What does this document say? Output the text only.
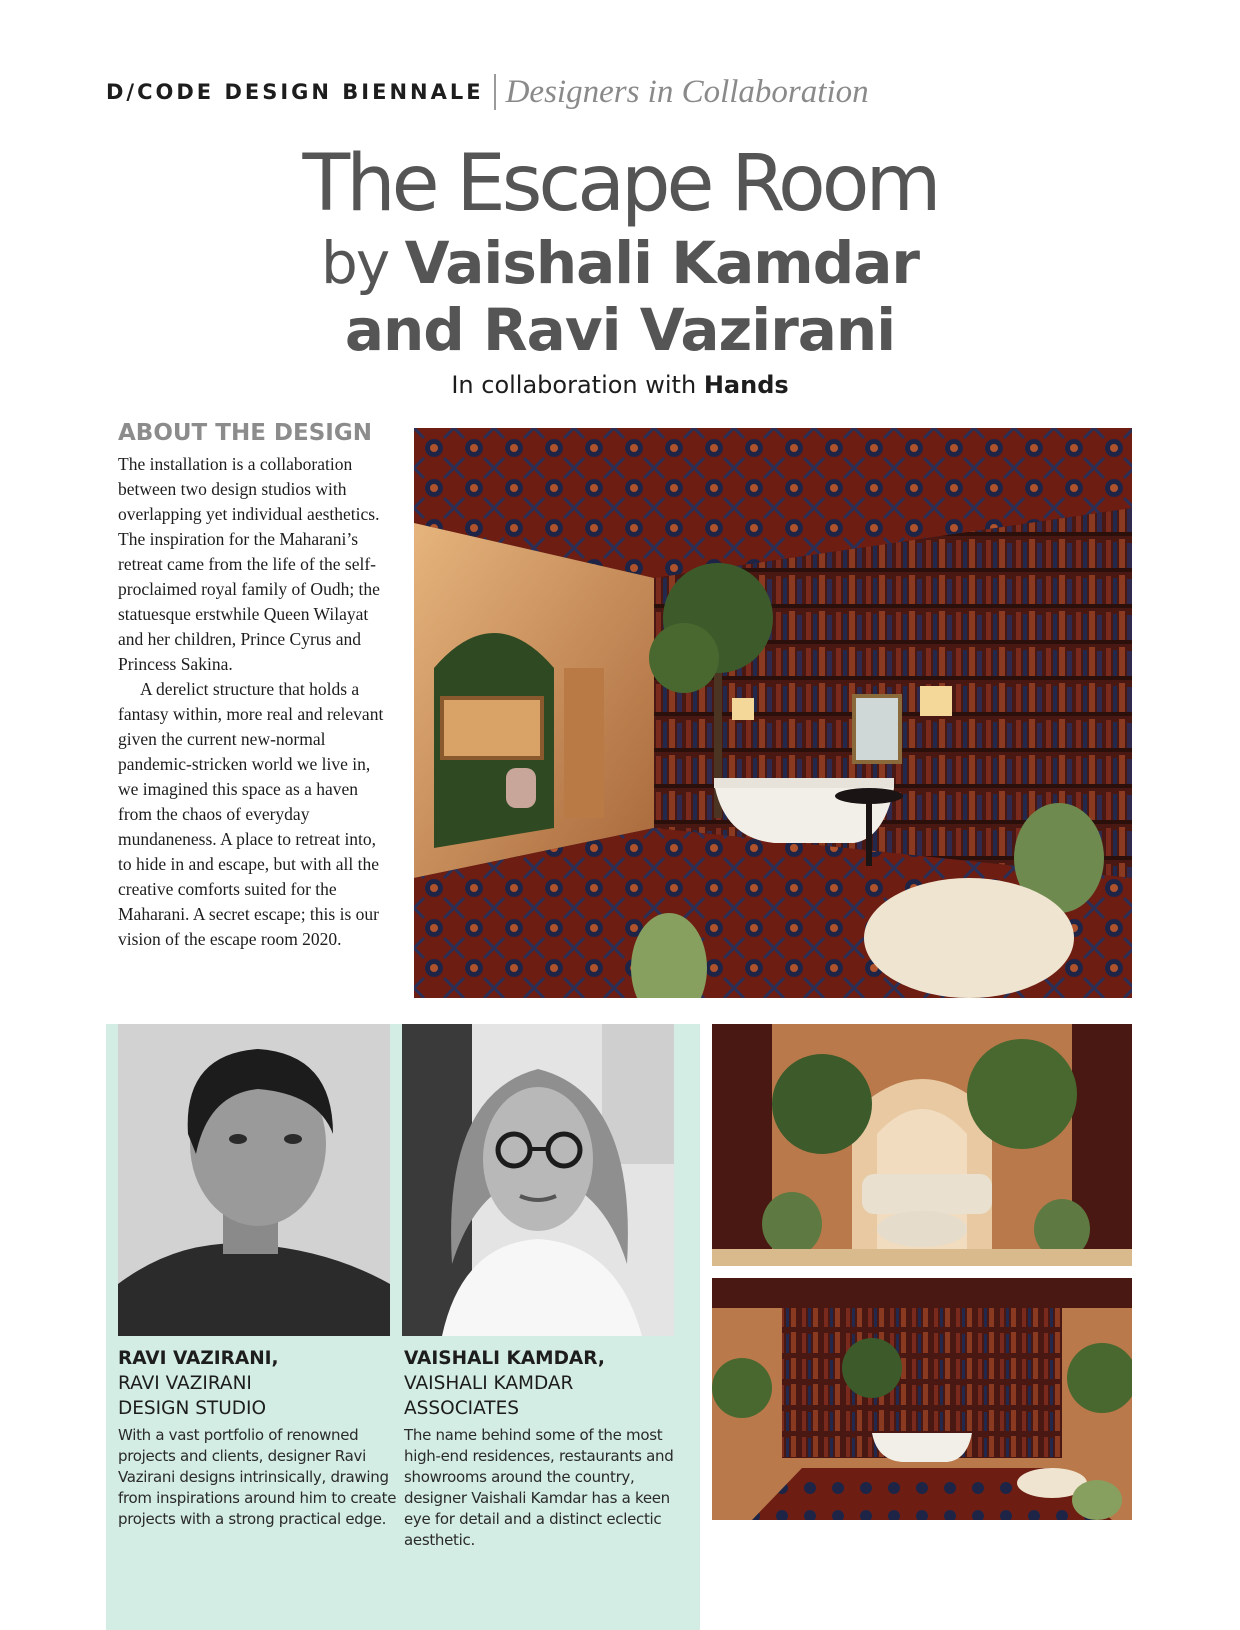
D/CODE DESIGN BIENNALE Designers in Collaboration
The Escape Room
by Vaishali Kamdar
and Ravi Vazirani
In collaboration with Hands
ABOUT THE DESIGN

The installation is a collaboration between two design studios with overlapping yet individual aesthetics. The inspiration for the Maharani’s retreat came from the life of the self-proclaimed royal family of Oudh; the statuesque erstwhile Queen Wilayat and her children, Prince Cyrus and Princess Sakina.

A derelict structure that holds a fantasy within, more real and relevant given the current new-normal pandemic-stricken world we live in, we imagined this space as a haven from the chaos of everyday mundaneness. A place to retreat into, to hide in and escape, but with all the creative comforts suited for the Maharani. A secret escape; this is our vision of the escape room 2020.

RAVI VAZIRANI,
RAVI VAZIRANI
DESIGN STUDIO
With a vast portfolio of renowned projects and clients, designer Ravi Vazirani designs intrinsically, drawing from inspirations around him to create projects with a strong practical edge.
VAISHALI KAMDAR,
VAISHALI KAMDAR
ASSOCIATES
The name behind some of the most high-end residences, restaurants and showrooms around the country, designer Vaishali Kamdar has a keen eye for detail and a distinct eclectic aesthetic.
